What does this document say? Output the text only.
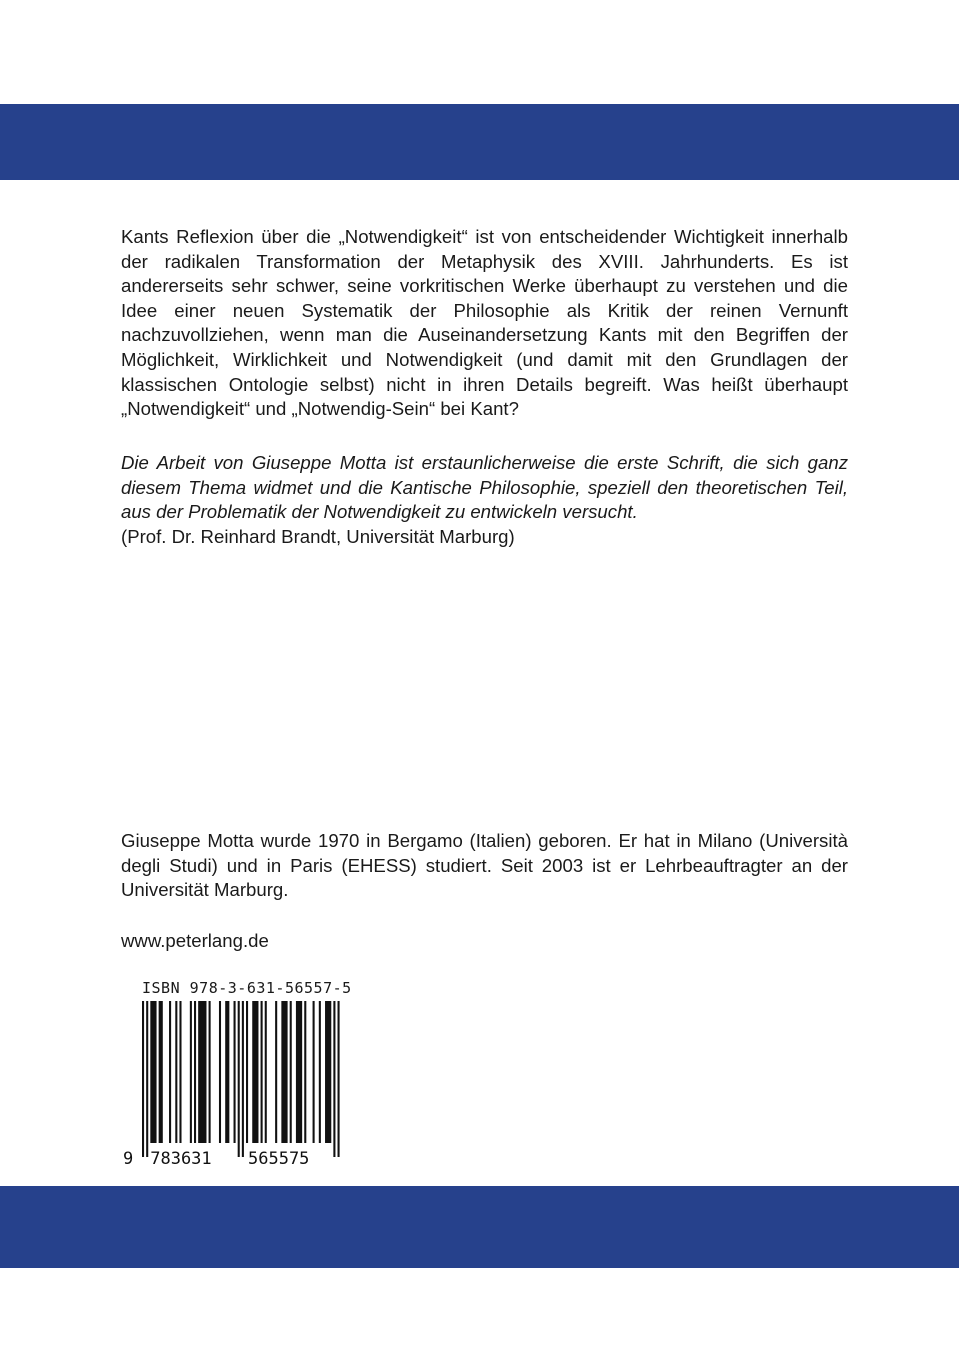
Kants Reflexion über die „Notwendigkeit“ ist von entscheidender Wichtigkeit innerhalb der radikalen Transformation der Metaphysik des XVIII. Jahrhunderts. Es ist andererseits sehr schwer, seine vorkritischen Werke überhaupt zu verstehen und die Idee einer neuen Systematik der Philosophie als Kritik der reinen Vernunft nachzuvollziehen, wenn man die Auseinandersetzung Kants mit den Begriffen der Möglichkeit, Wirklichkeit und Notwendigkeit (und damit mit den Grundlagen der klassischen Ontologie selbst) nicht in ihren Details begreift. Was heißt überhaupt „Notwendigkeit“ und „Notwendig-Sein“ bei Kant?

Die Arbeit von Giuseppe Motta ist erstaunlicherweise die erste Schrift, die sich ganz diesem Thema widmet und die Kantische Philosophie, speziell den theoretischen Teil, aus der Problematik der Notwendigkeit zu entwickeln versucht.
(Prof. Dr. Reinhard Brandt, Universität Marburg)

Giuseppe Motta wurde 1970 in Bergamo (Italien) geboren. Er hat in Milano (Università degli Studi) und in Paris (EHESS) studiert. Seit 2003 ist er Lehrbeauftragter an der Universität Marburg.

www.peterlang.de
ISBN 978-3-631-56557-5
9 783631 565575
